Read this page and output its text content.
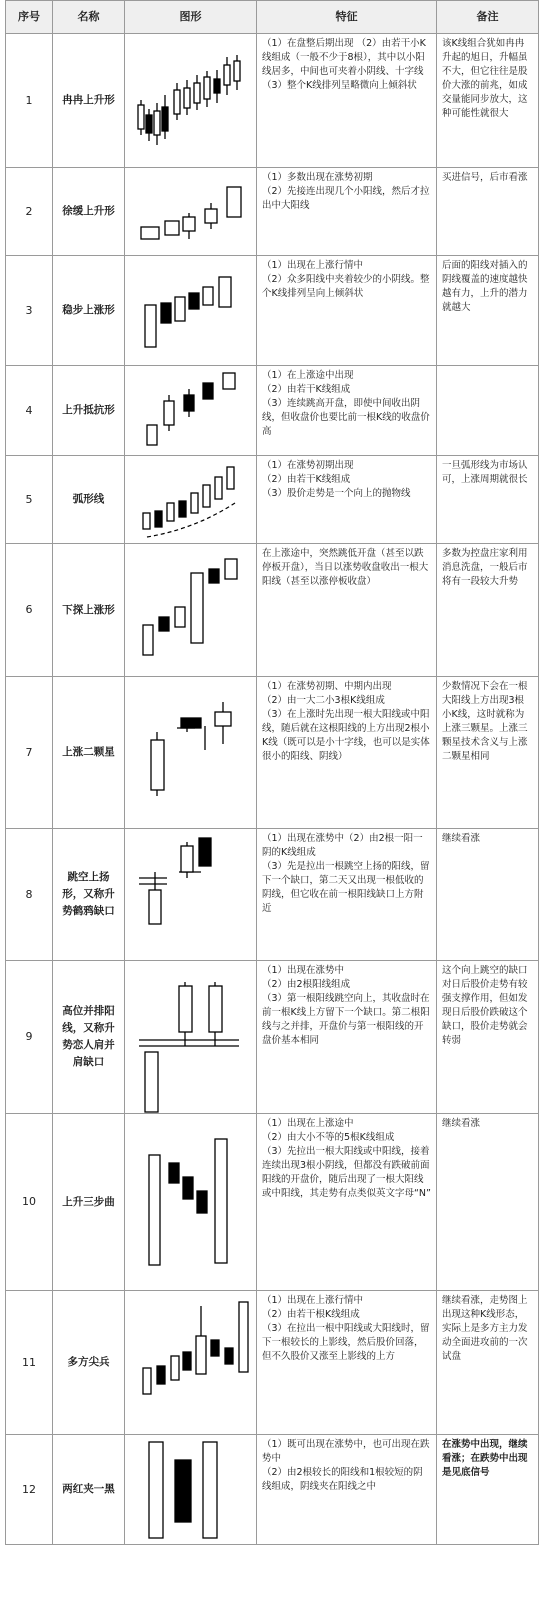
序号	名称	图形	特征	备注
1	冉冉上升形		（1）在盘整后期出现 （2）由若干小K线组成（一般不少于8根），其中以小阳线居多，中间也可夹着小阴线、十字线
（3）整个K线排列呈略微向上倾斜状	该K线组合犹如冉冉升起的旭日，升幅虽不大，但它往往是股价大涨的前兆，如成交量能同步放大，这种可能性就很大
2	徐缓上升形		（1）多数出现在涨势初期
（2）先接连出现几个小阳线，然后才拉出中大阳线	买进信号，后市看涨
3	稳步上涨形		（1）出现在上涨行情中
（2）众多阳线中夹着较少的小阴线。整个K线排列呈向上倾斜状	后面的阳线对插入的阴线覆盖的速度越快越有力，上升的潜力就越大
4	上升抵抗形		（1）在上涨途中出现
（2）由若干K线组成
（3）连续跳高开盘，即使中间收出阴线，但收盘价也要比前一根K线的收盘价高	

5	弧形线		（1）在涨势初期出现
（2）由若干K线组成
（3）股价走势是一个向上的抛物线	一旦弧形线为市场认可，上涨周期就很长
6	下探上涨形		在上涨途中，突然跳低开盘（甚至以跌停板开盘），当日以涨势收盘收出一根大阳线（甚至以涨停板收盘）	多数为控盘庄家利用消息洗盘，一般后市将有一段较大升势
7	上涨二颗星		（1）在涨势初期、中期内出现
（2）由一大二小3根K线组成
（3）在上涨时先出现一根大阳线或中阳线，随后就在这根阳线的上方出现2根小K线（既可以是小十字线，也可以是实体很小的阳线、阴线）	少数情况下会在一根大阳线上方出现3根小K线，这时就称为上涨三颗星。上涨三颗星技术含义与上涨二颗星相同
8	跳空上扬形，又称升势鹤鸦缺口		（1）出现在涨势中（2）由2根一阳一阴的K线组成
（3）先是拉出一根跳空上扬的阳线，留下一个缺口，第二天又出现一根低收的阴线，但它收在前一根阳线缺口上方附近	继续看涨
9	高位并排阳线，又称升势恋人肩并肩缺口		（1）出现在涨势中
（2）由2根阳线组成
（3）第一根阳线跳空向上，其收盘时在前一根K线上方留下一个缺口。第二根阳线与之并排，开盘价与第一根阳线的开盘价基本相同	这个向上跳空的缺口对日后股价走势有较强支撑作用，但如发现日后股价跌破这个缺口，股价走势就会转弱
10	上升三步曲		（1）出现在上涨途中
（2）由大小不等的5根K线组成
（3）先拉出一根大阳线或中阳线，接着连续出现3根小阴线，但都没有跌破前面阳线的开盘价，随后出现了一根大阳线或中阳线，其走势有点类似英文字母“N”	继续看涨
11	多方尖兵		（1）出现在上涨行情中
（2）由若干根K线组成
（3）在拉出一根中阳线或大阳线时，留下一根较长的上影线，然后股价回落，但不久股价又涨至上影线的上方	继续看涨，走势图上出现这种K线形态，实际上是多方主力发动全面进攻前的一次试盘
12	两红夹一黑		（1）既可出现在涨势中，也可出现在跌势中
（2）由2根较长的阳线和1根较短的阴线组成，阴线夹在阳线之中	在涨势中出现，继续看涨；在跌势中出现是见底信号
